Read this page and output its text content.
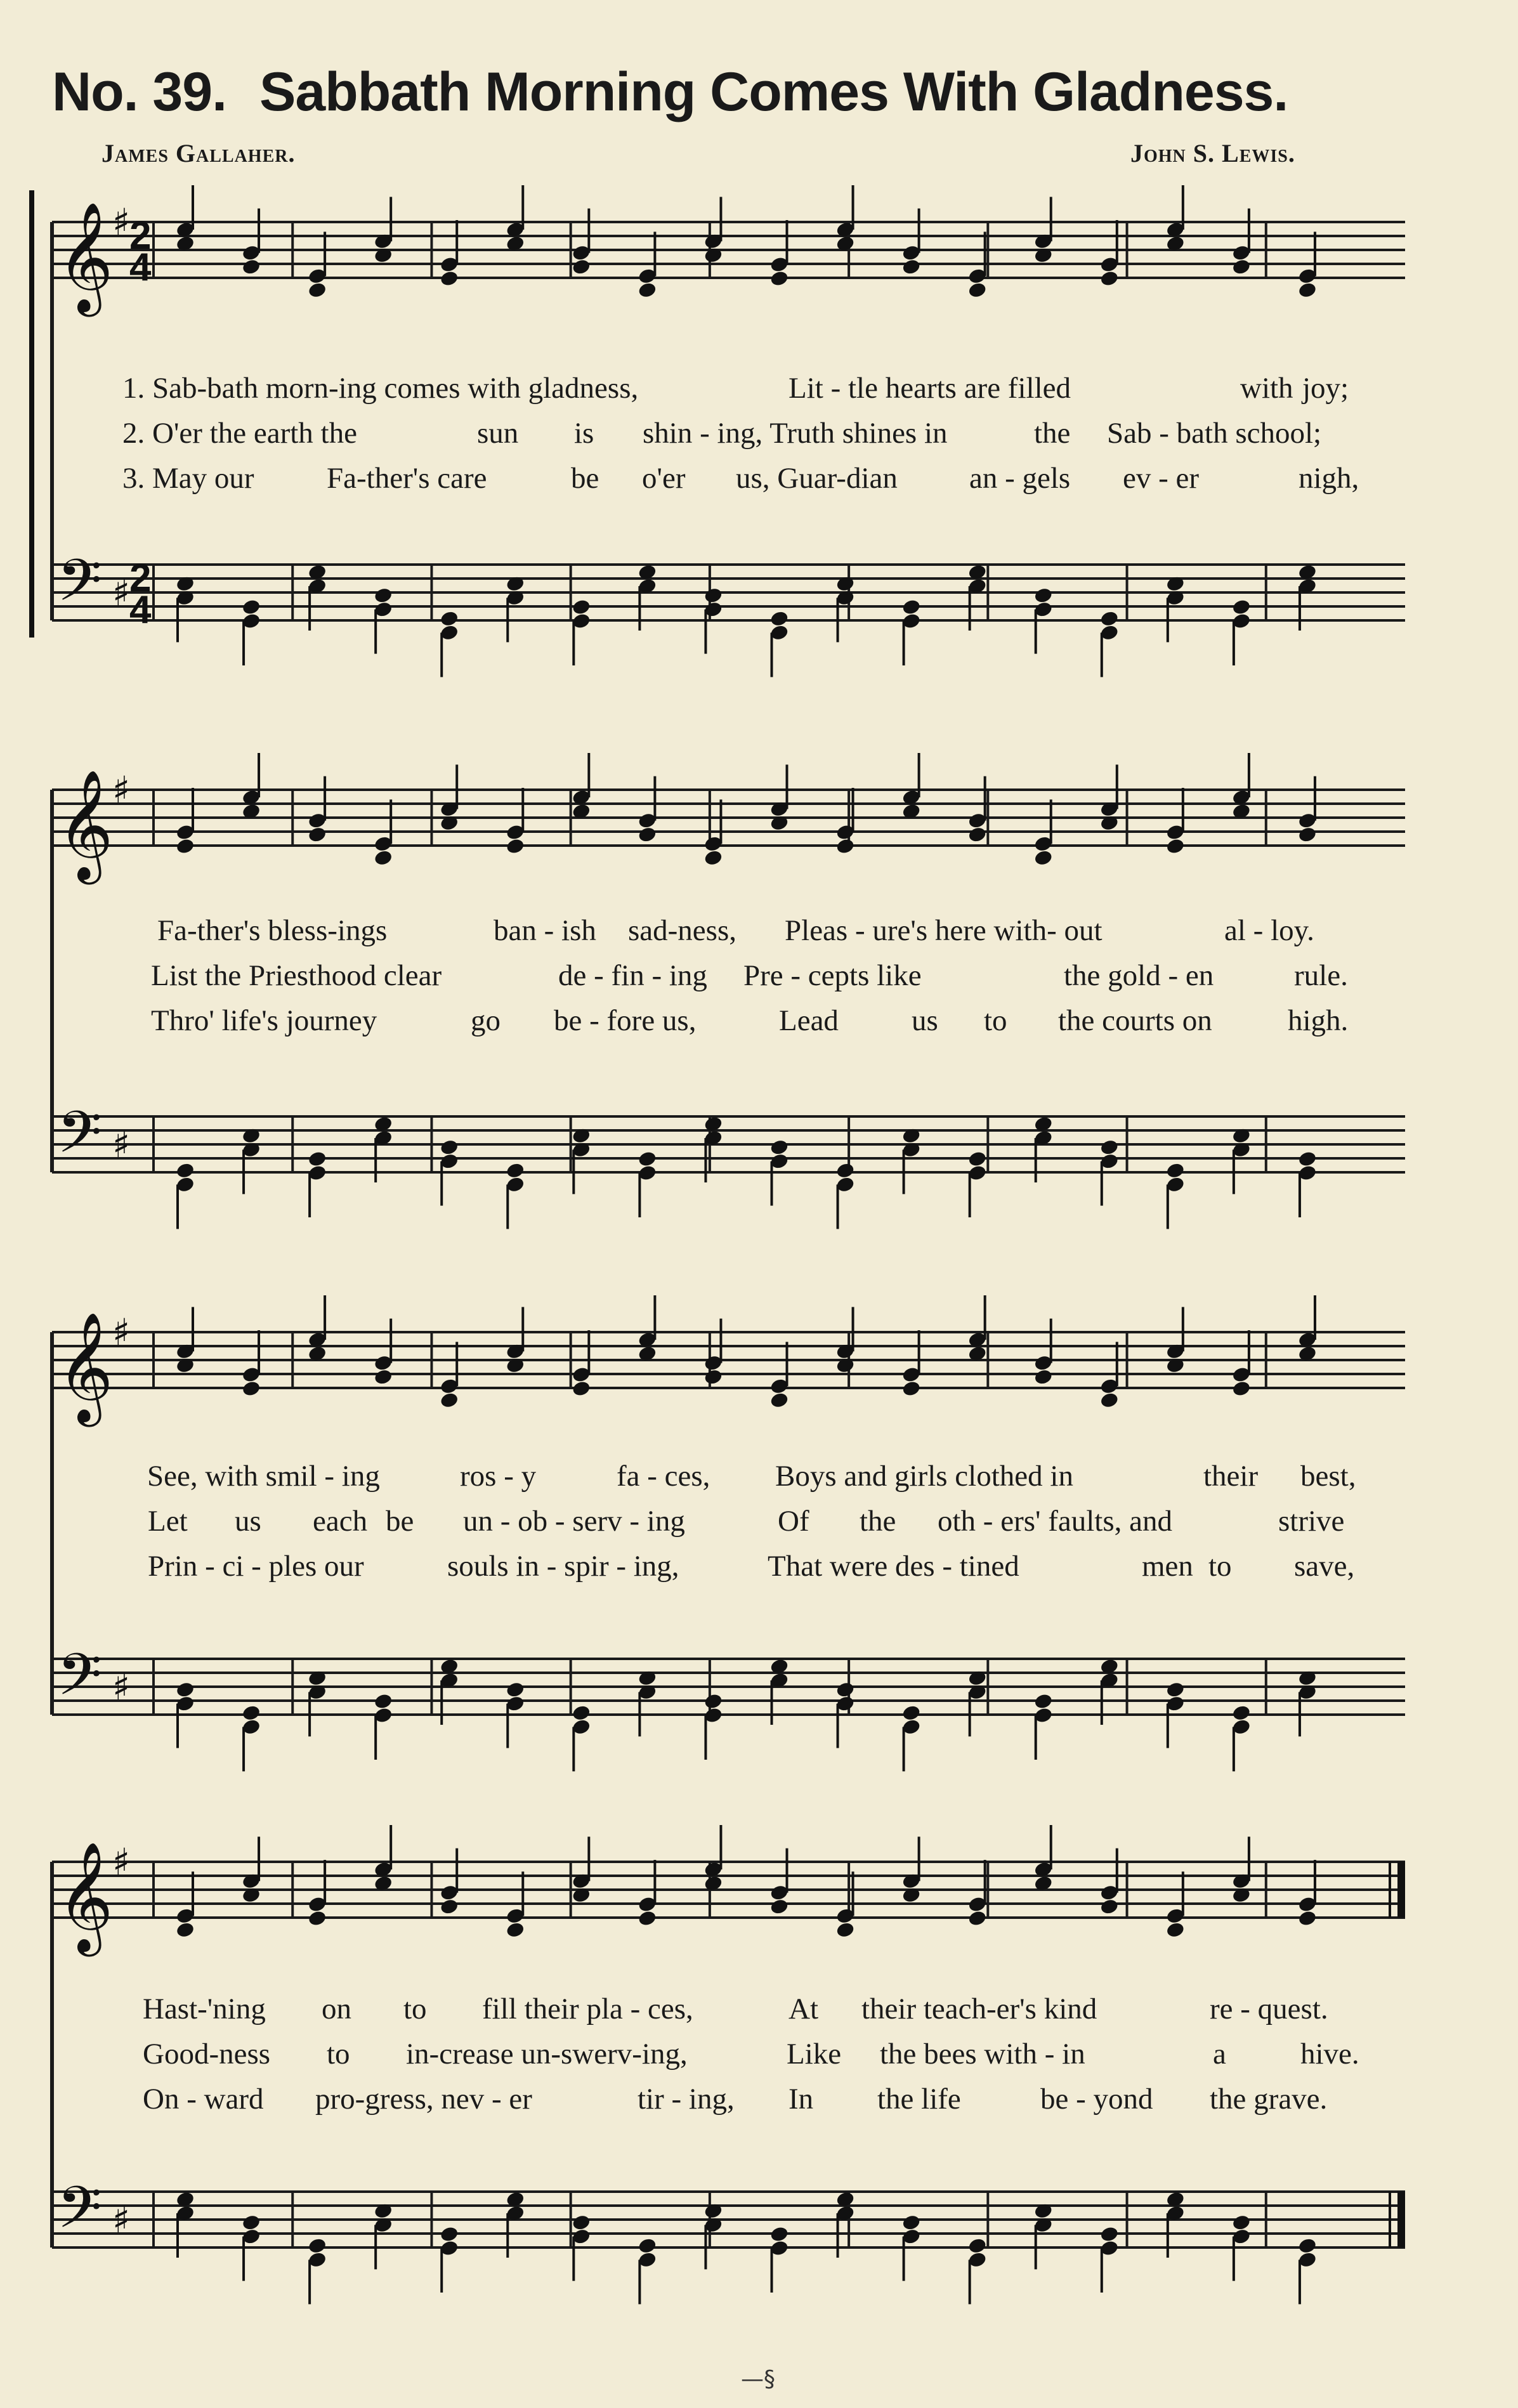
No. 39. Sabbath Morning Comes With Gladness.
James Gallaher.	John S. Lewis.
𝄞
𝄢
♯
♯
2
4
2
4
𝄞
𝄢
♯
♯
𝄞
𝄢
♯
♯
𝄞
𝄢
♯
♯
1. Sab-bath morn-ing comes with gladness,	Lit - tle hearts are filled	with joy;
2. O'er the earth the	sun is shin - ing, Truth shines in	the Sab - bath school;
3. May our Fa-ther's care	be o'er us, Guar-dian an - gels ev - er	nigh,
Fa-ther's bless-ings	ban - ish sad-ness, Pleas - ure's here with- out	al - loy.
List the Priesthood clear	de - fin - ing Pre - cepts like	the gold - en	rule.
Thro' life's journey	go be - fore us,	Lead us to the courts on	high.
See, with smil - ing	ros - y	fa - ces, Boys and girls clothed in	their best,
Let us each be un - ob - serv - ing	Of the oth - ers' faults, and	strive
Prin - ci - ples our	souls in - spir - ing,	That were des - tined	men to save,
Hast-'ning on to fill their pla - ces,	At their teach-er's kind	re - quest.
Good-ness to in-crease un-swerv-ing,	Like the bees with - in	a hive.
On - ward pro-gress, nev - er	tir - ing, In the life	be - yond the grave.
—§
